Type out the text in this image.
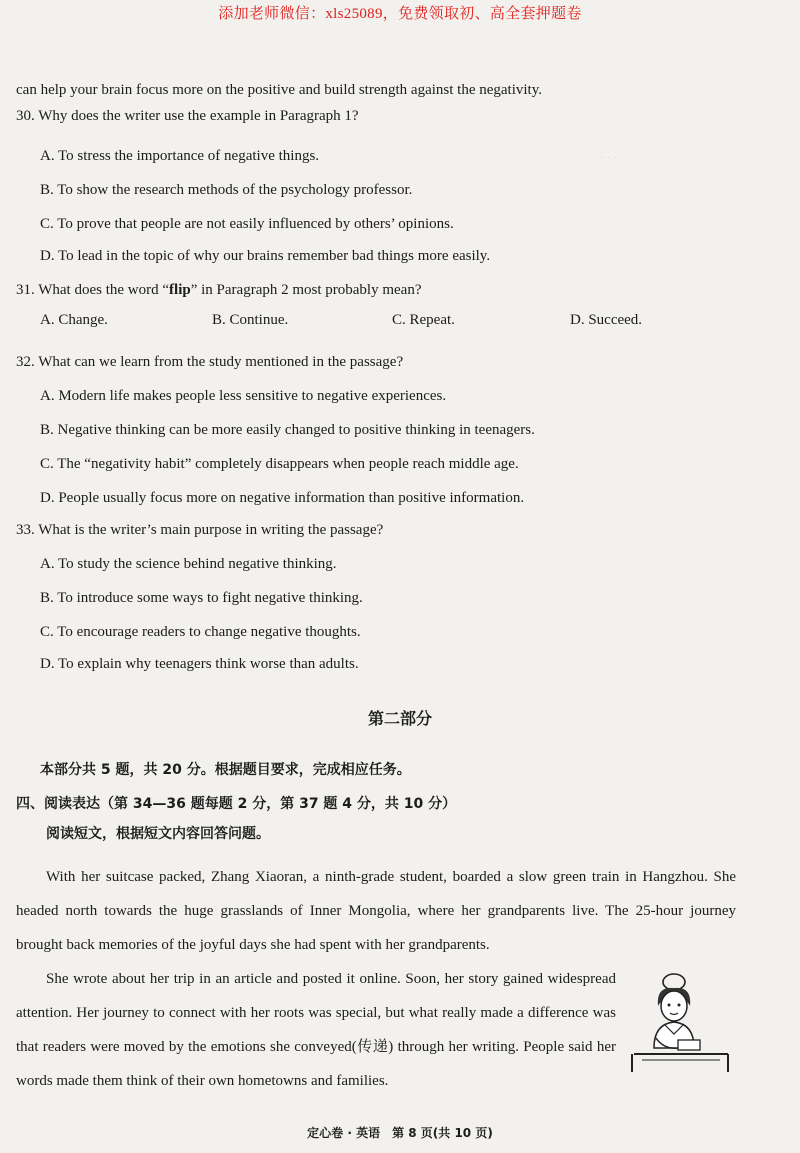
添加老师微信：xls25089，免费领取初、高全套押题卷
· · ·
can help your brain focus more on the positive and build strength against the negativity.
30. Why does the writer use the example in Paragraph 1?
A. To stress the importance of negative things.
B. To show the research methods of the psychology professor.
C. To prove that people are not easily influenced by others’ opinions.
D. To lead in the topic of why our brains remember bad things more easily.
31. What does the word “flip” in Paragraph 2 most probably mean?
A. Change.	B. Continue.	C. Repeat.	D. Succeed.
32. What can we learn from the study mentioned in the passage?
A. Modern life makes people less sensitive to negative experiences.
B. Negative thinking can be more easily changed to positive thinking in teenagers.
C. The “negativity habit” completely disappears when people reach middle age.
D. People usually focus more on negative information than positive information.
33. What is the writer’s main purpose in writing the passage?
A. To study the science behind negative thinking.
B. To introduce some ways to fight negative thinking.
C. To encourage readers to change negative thoughts.
D. To explain why teenagers think worse than adults.
第二部分
本部分共 5 题，共 20 分。根据题目要求，完成相应任务。
四、阅读表达（第 34—36 题每题 2 分，第 37 题 4 分，共 10 分）
阅读短文，根据短文内容回答问题。
With her suitcase packed, Zhang Xiaoran, a ninth-grade student, boarded a slow green train in Hangzhou. She headed north towards the huge grasslands of Inner Mongolia, where her grandparents live. The 25-hour journey brought back memories of the joyful days she had spent with her grandparents.
She wrote about her trip in an article and posted it online. Soon, her story gained widespread attention. Her journey to connect with her roots was special, but what really made a difference was that readers were moved by the emotions she conveyed(传递) through her writing. People said her words made them think of their own hometowns and families.
定心卷 · 英语　第 8 页(共 10 页)
